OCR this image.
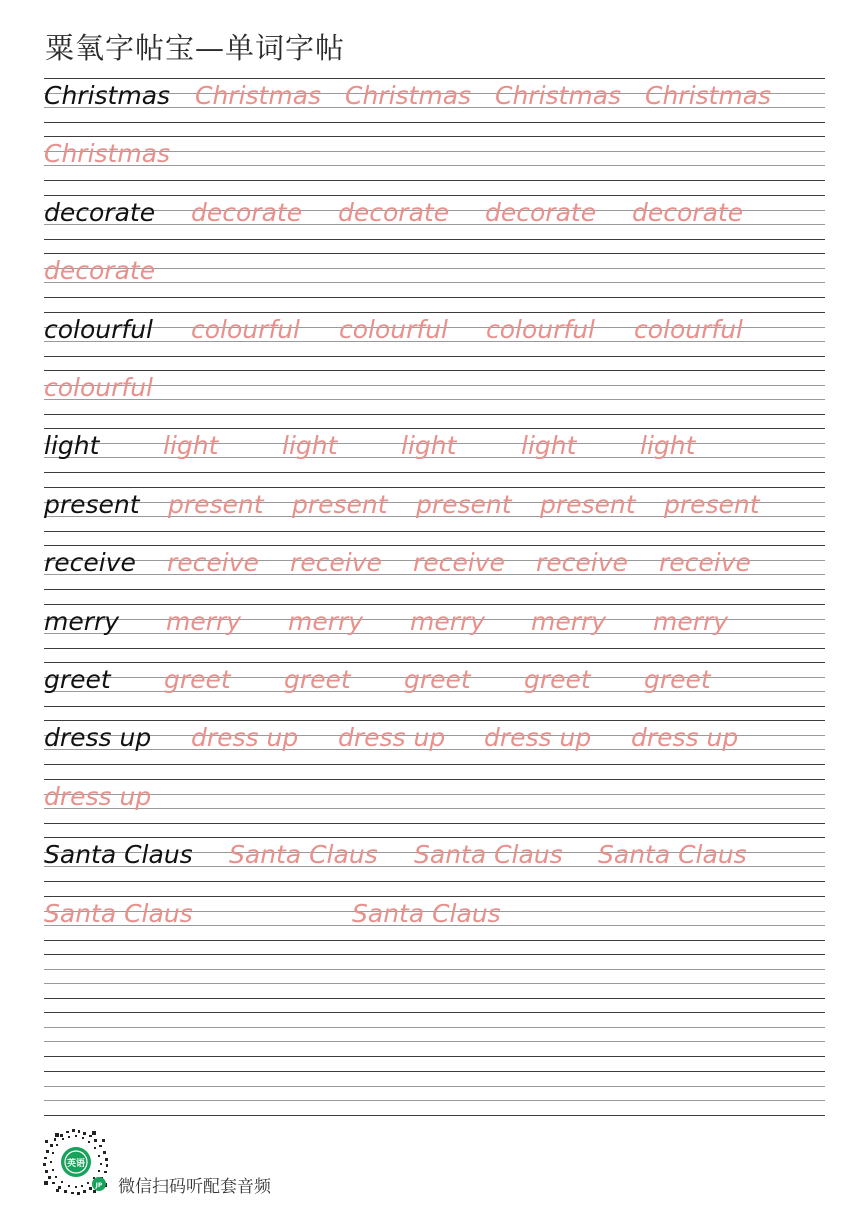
粟氧字帖宝—单词字帖
Christmas Christmas Christmas Christmas Christmas
Christmas
decorate decorate decorate decorate decorate
decorate
colourful colourful colourful colourful colourful
colourful
light	light	light	light	light	light
present present present present present present
receive receive receive receive receive receive
merry merry merry merry merry merry
greet greet greet greet greet greet
dress up dress up dress up dress up dress up
dress up
Santa Claus Santa Claus Santa Claus Santa Claus
Santa Claus	Santa Claus
英语
JP 微信扫码听配套音频
